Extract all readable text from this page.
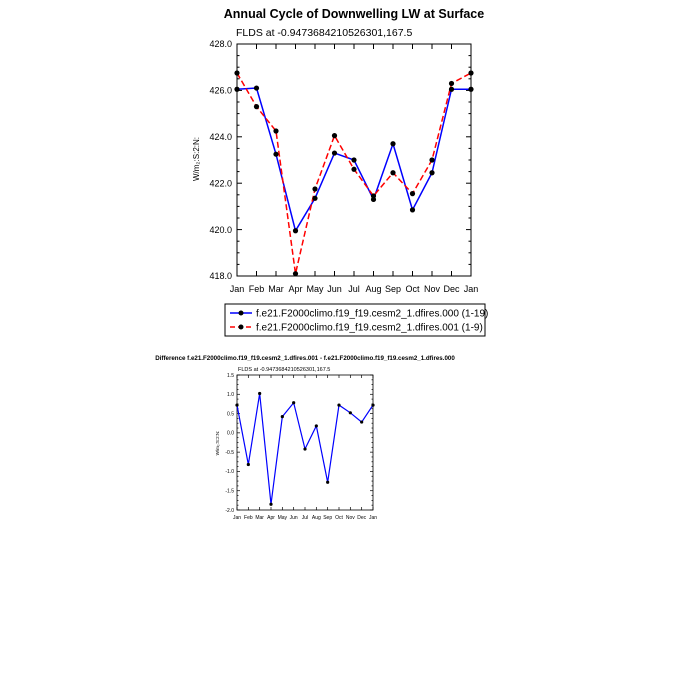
Annual Cycle of Downwelling LW at Surface
FLDS at -0.9473684210526301,167.5
W/m₂:S:2:N:
418.0
420.0
422.0
424.0
426.0
428.0
Jan Feb Mar Apr May Jun Jul Aug Sep Oct Nov Dec Jan
f.e21.F2000climo.f19_f19.cesm2_1.dfires.000 (1-19)
f.e21.F2000climo.f19_f19.cesm2_1.dfires.001 (1-9)
Difference f.e21.F2000climo.f19_f19.cesm2_1.dfires.001 - f.e21.F2000climo.f19_f19.cesm2_1.dfires.000
FLDS at -0.9473684210526301,167.5
W/m₂:S:2:N:
-2.0
-1.5
-1.0
-0.5
0.0
0.5
1.0
1.5
Jan Feb Mar Apr May Jun Jul Aug Sep Oct Nov Dec Jan
